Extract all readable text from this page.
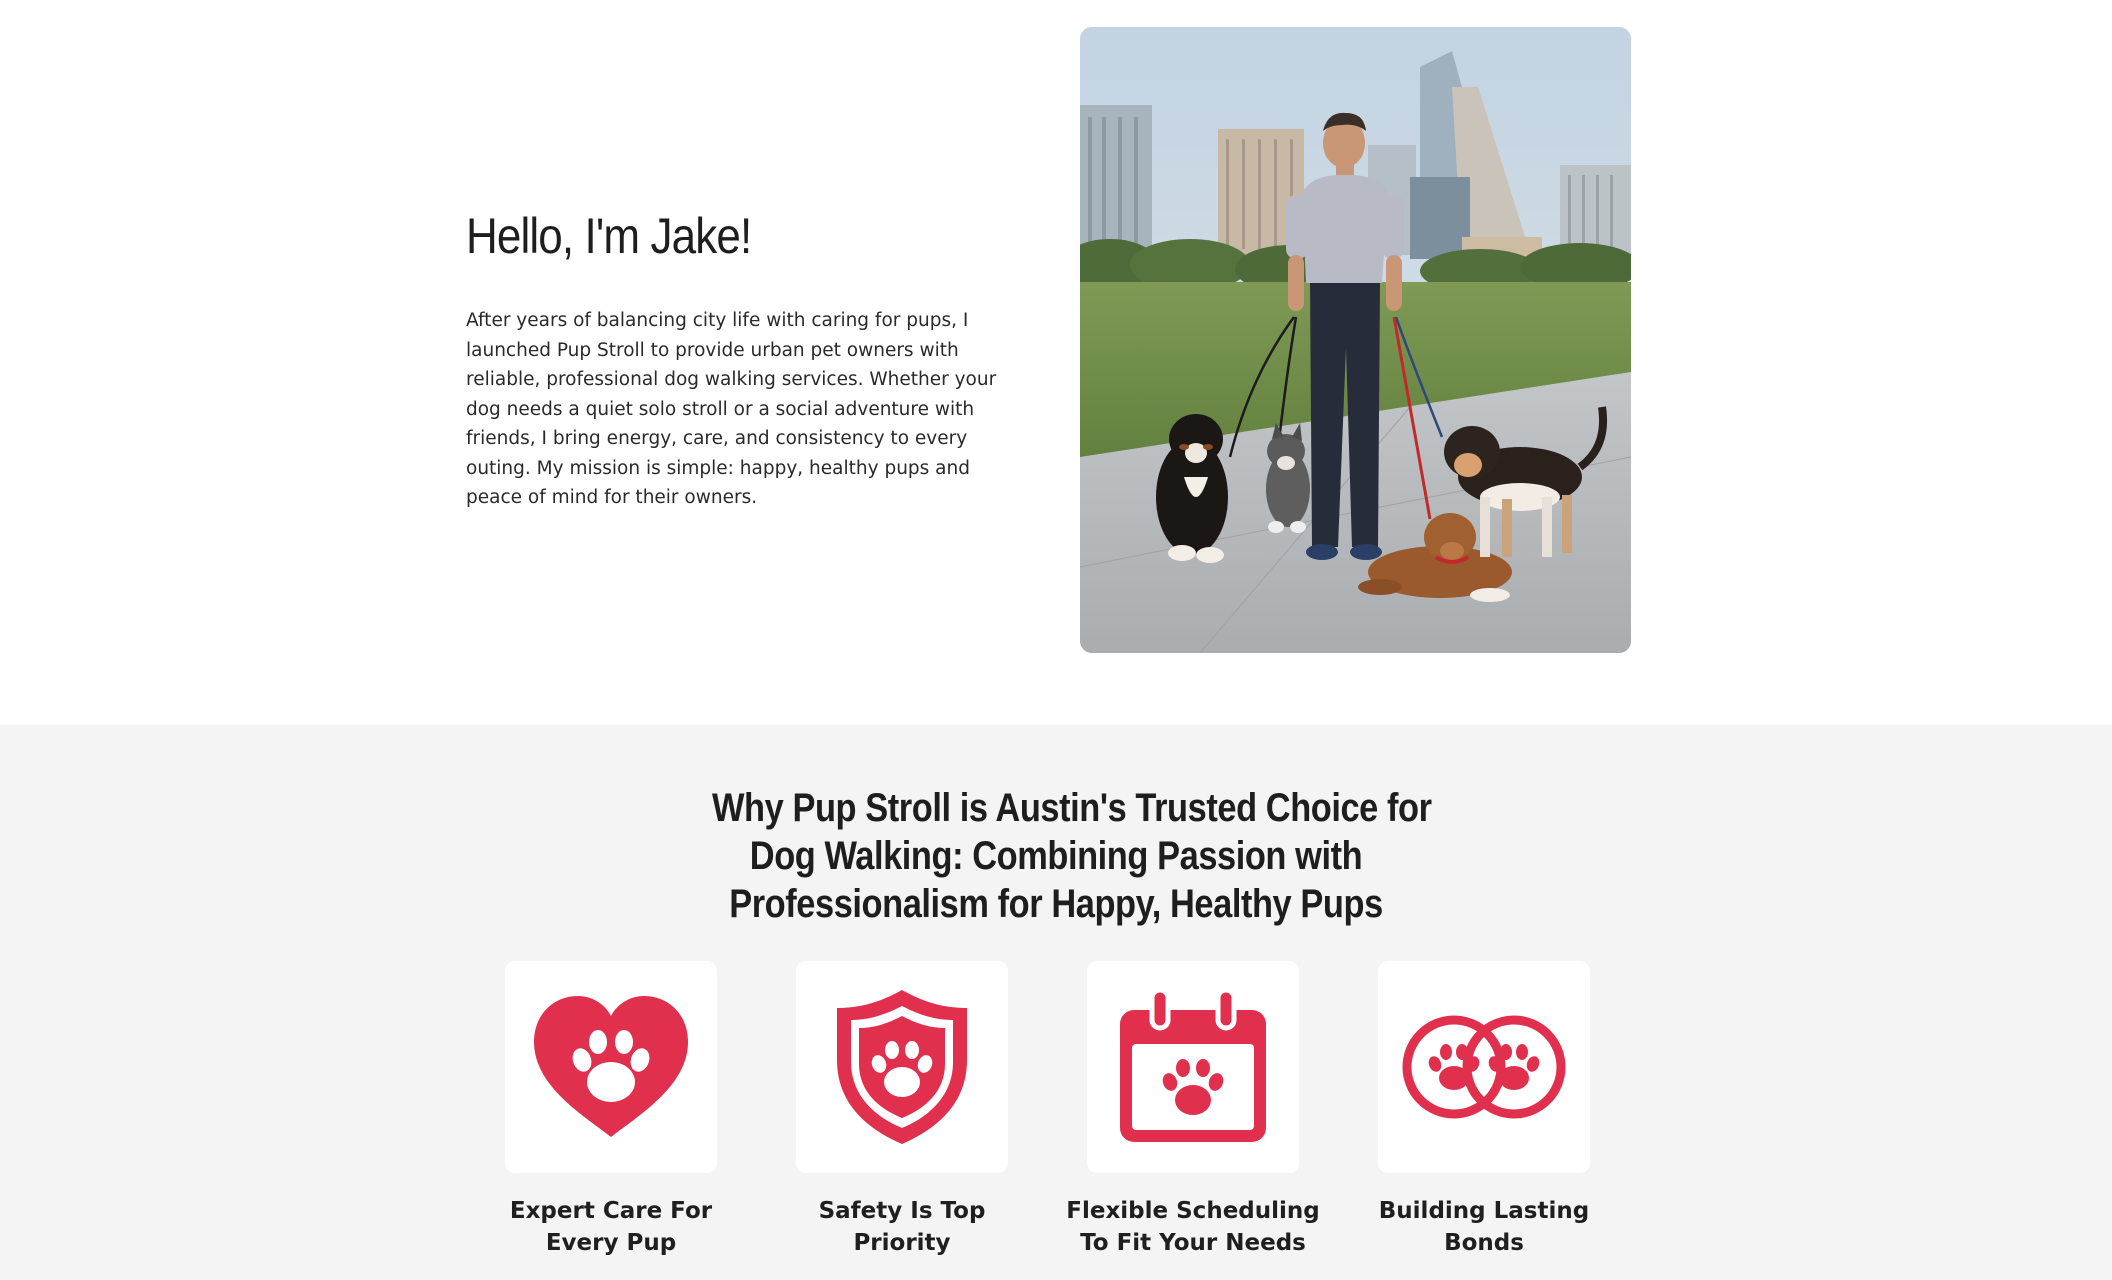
Hello, I'm Jake!

After years of balancing city life with caring for pups, I launched Pup Stroll to provide urban pet owners with reliable, professional dog walking services. Whether your dog needs a quiet solo stroll or a social adventure with friends, I bring energy, care, and consistency to every outing. My mission is simple: happy, healthy pups and peace of mind for their owners.

Why Pup Stroll is Austin's Trusted Choice for
Dog Walking: Combining Passion with
Professionalism for Happy, Healthy Pups
Expert Care For Every Pup
Safety Is Top Priority
Flexible Scheduling To Fit Your Needs
Building Lasting Bonds
